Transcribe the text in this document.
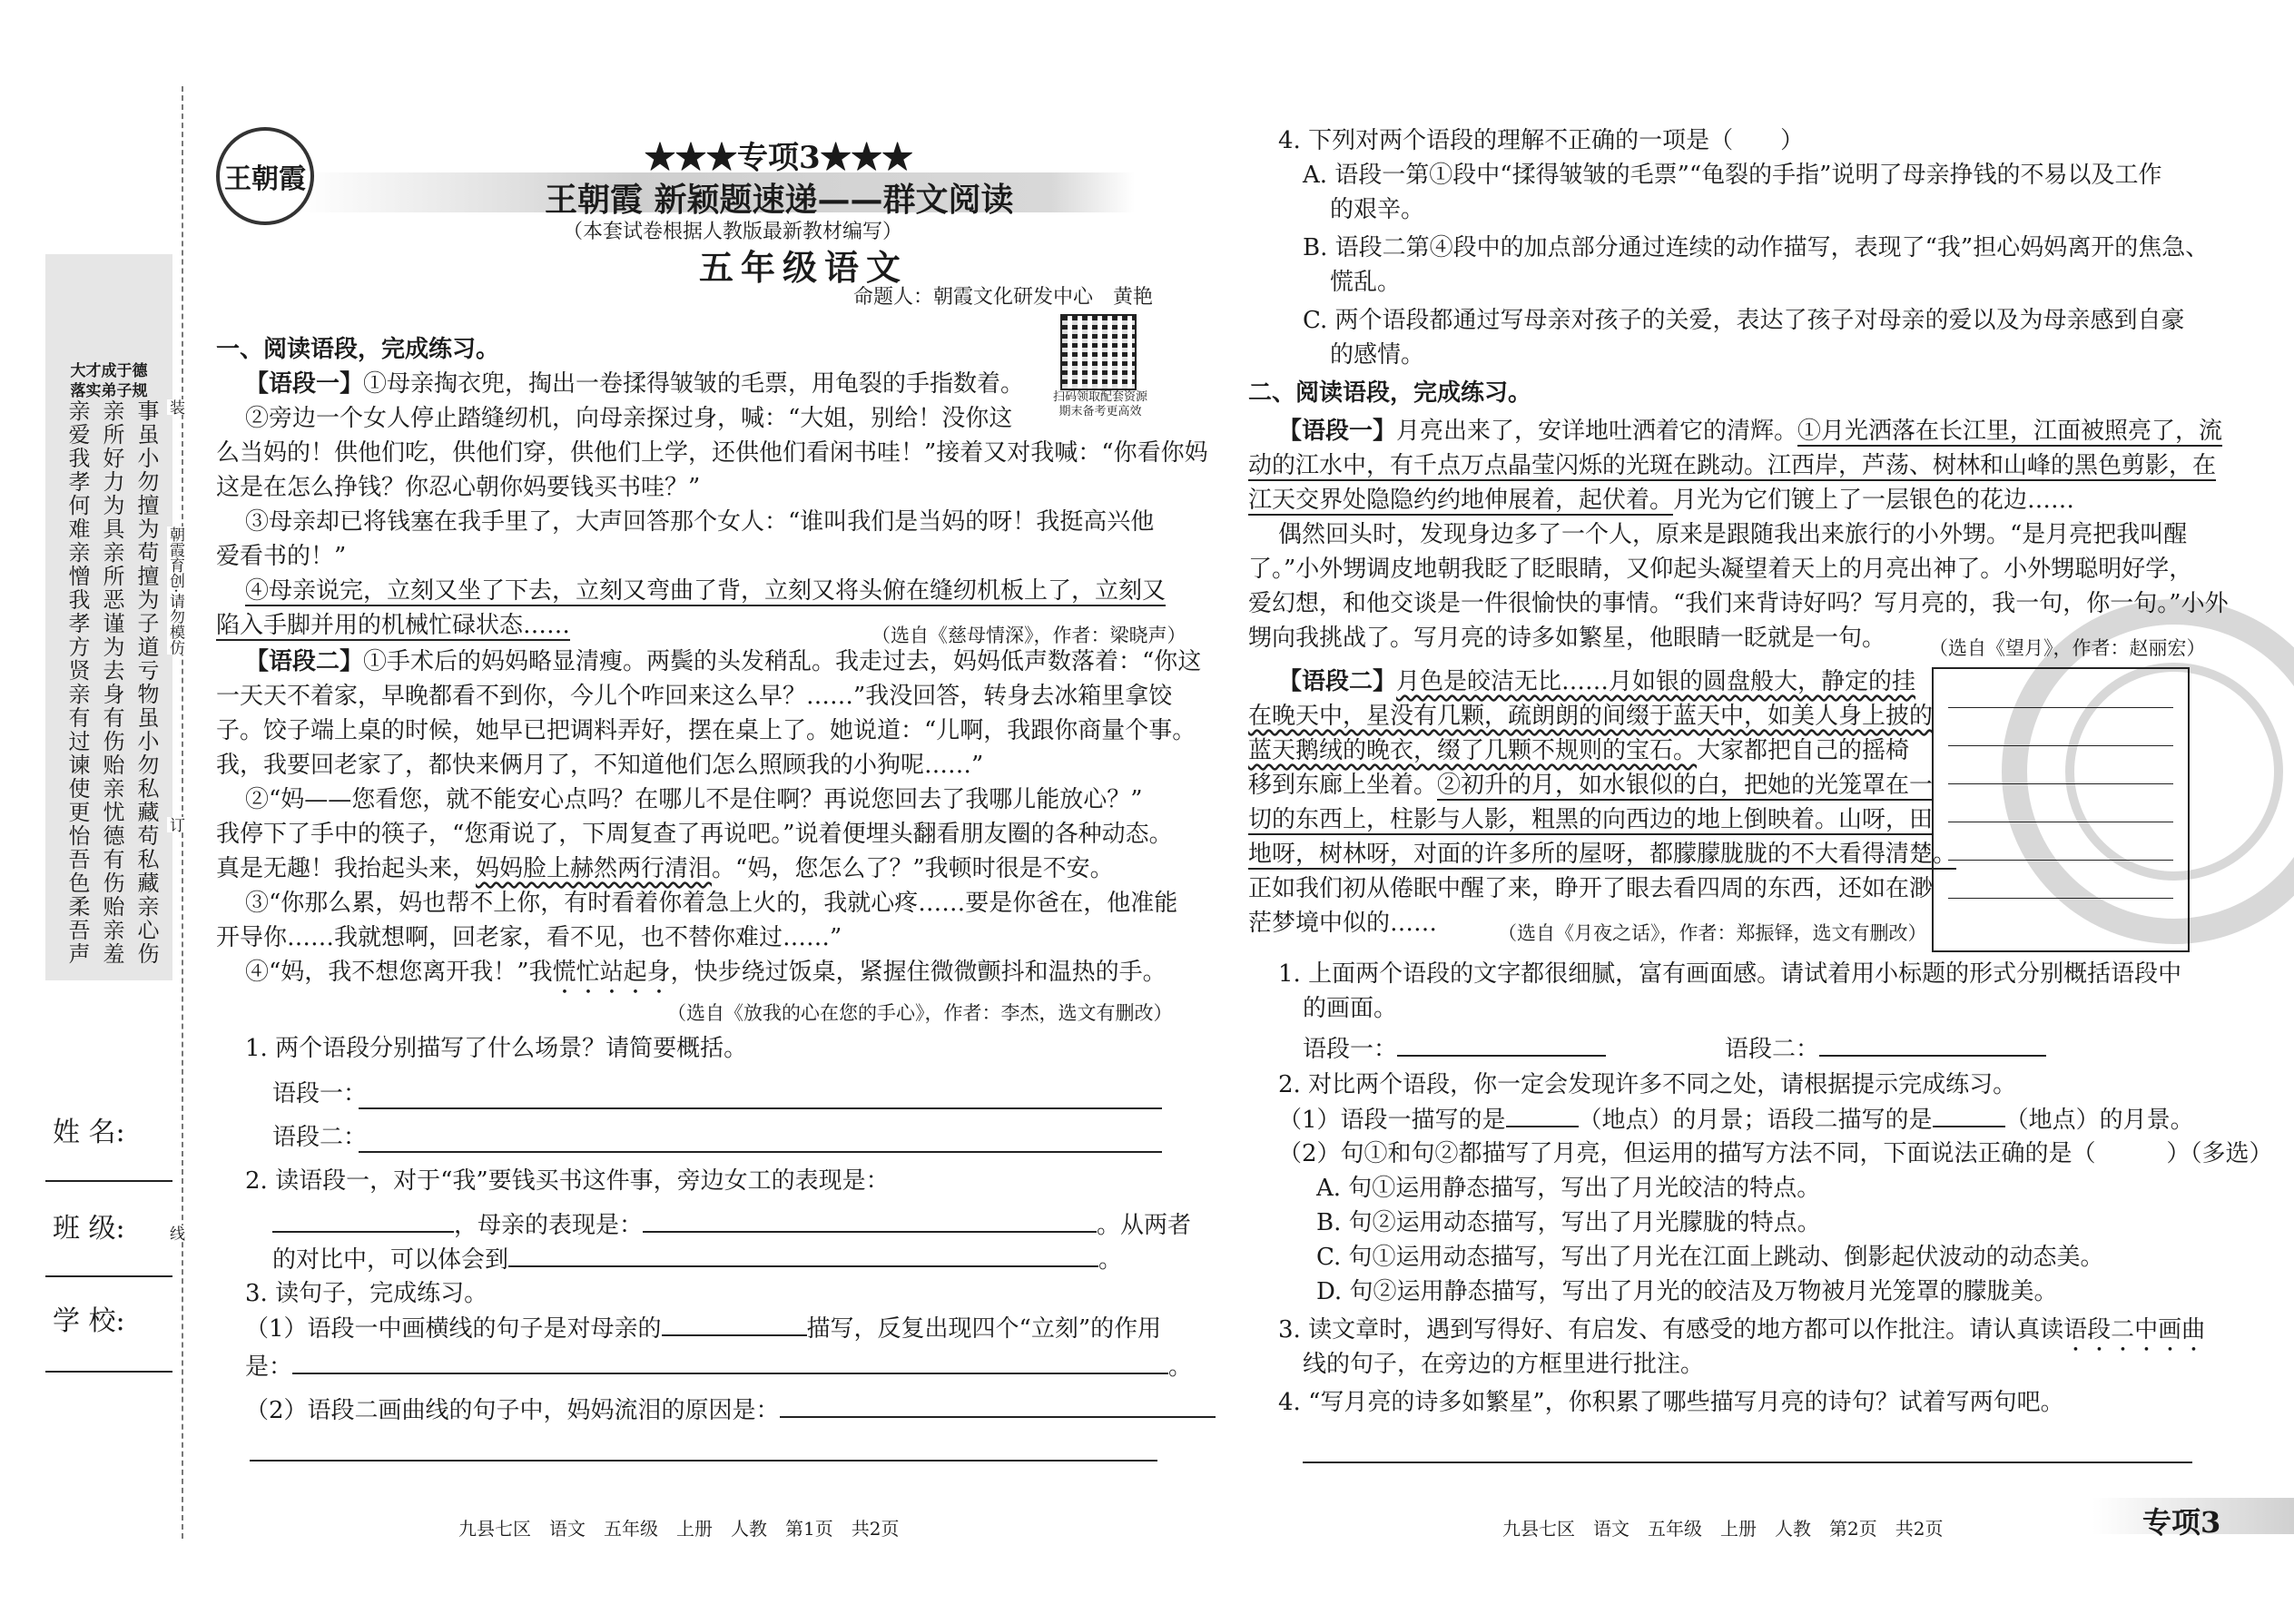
大才成于德
落实弟子规
事虽小勿擅为苟擅为子道亏物虽小勿私藏苟私藏亲心伤
亲所好力为具亲所恶谨为去身有伤贻亲忧德有伤贻亲羞
亲爱我孝何难亲憎我孝方贤亲有过谏使更怡吾色柔吾声	装
朝霞育创·请勿模仿
订
线
姓 名:
班 级:
学 校:
王朝霞
★★★专项3★★★
王朝霞 新颖题速递——群文阅读
（本套试卷根据人教版最新教材编写）
五年级语文
命题人：朝霞文化研发中心　黄艳
扫码领取配套资源 期末备考更高效
一、阅读语段，完成练习。
【语段一】①母亲掏衣兜，掏出一卷揉得皱皱的毛票，用龟裂的手指数着。
②旁边一个女人停止踏缝纫机，向母亲探过身，喊：“大姐，别给！没你这
么当妈的！供他们吃，供他们穿，供他们上学，还供他们看闲书哇！”接着又对我喊：“你看你妈
这是在怎么挣钱？你忍心朝你妈要钱买书哇？”
③母亲却已将钱塞在我手里了，大声回答那个女人：“谁叫我们是当妈的呀！我挺高兴他
爱看书的！”
④母亲说完，立刻又坐了下去，立刻又弯曲了背，立刻又将头俯在缝纫机板上了，立刻又
陷入手脚并用的机械忙碌状态……	（选自《慈母情深》，作者：梁晓声）
【语段二】①手术后的妈妈略显清瘦。两鬓的头发稍乱。我走过去，妈妈低声数落着：“你这
一天天不着家，早晚都看不到你，今儿个咋回来这么早？……”我没回答，转身去冰箱里拿饺
子。饺子端上桌的时候，她早已把调料弄好，摆在桌上了。她说道：“儿啊，我跟你商量个事。
我，我要回老家了，都快来俩月了，不知道他们怎么照顾我的小狗呢……”
②“妈——您看您，就不能安心点吗？在哪儿不是住啊？再说您回去了我哪儿能放心？”
我停下了手中的筷子，“您甭说了，下周复查了再说吧。”说着便埋头翻看朋友圈的各种动态。
真是无趣！我抬起头来，妈妈脸上赫然两行清泪。“妈，您怎么了？”我顿时很是不安。
③“你那么累，妈也帮不上你，有时看着你着急上火的，我就心疼……要是你爸在，他准能
开导你……我就想啊，回老家，看不见，也不替你难过……”
④“妈，我不想您离开我！”我慌忙站起身，快步绕过饭桌，紧握住微微颤抖和温热的手。
（选自《放我的心在您的手心》，作者：李杰，选文有删改）
1. 两个语段分别描写了什么场景？请简要概括。
语段一：
语段二：
2. 读语段一，对于“我”要钱买书这件事，旁边女工的表现是：
，母亲的表现是：	。从两者
的对比中，可以体会到	。
3. 读句子，完成练习。
（1）语段一中画横线的句子是对母亲的	描写，反复出现四个“立刻”的作用
是：	。
（2）语段二画曲线的句子中，妈妈流泪的原因是：
九县七区　语文　五年级　上册　人教　第1页　共2页
4. 下列对两个语段的理解不正确的一项是（　　）
A. 语段一第①段中“揉得皱皱的毛票”“龟裂的手指”说明了母亲挣钱的不易以及工作
的艰辛。
B. 语段二第④段中的加点部分通过连续的动作描写，表现了“我”担心妈妈离开的焦急、
慌乱。
C. 两个语段都通过写母亲对孩子的关爱，表达了孩子对母亲的爱以及为母亲感到自豪
的感情。
二、阅读语段，完成练习。
【语段一】月亮出来了，安详地吐洒着它的清辉。①月光洒落在长江里，江面被照亮了，流
动的江水中，有千点万点晶莹闪烁的光斑在跳动。江西岸，芦荡、树林和山峰的黑色剪影，在
江天交界处隐隐约约地伸展着，起伏着。月光为它们镀上了一层银色的花边……
偶然回头时，发现身边多了一个人，原来是跟随我出来旅行的小外甥。“是月亮把我叫醒
了。”小外甥调皮地朝我眨了眨眼睛，又仰起头凝望着天上的月亮出神了。小外甥聪明好学，
爱幻想，和他交谈是一件很愉快的事情。“我们来背诗好吗？写月亮的，我一句，你一句。”小外
甥向我挑战了。写月亮的诗多如繁星，他眼睛一眨就是一句。 （选自《望月》，作者：赵丽宏）
【语段二】月色是皎洁无比……月如银的圆盘般大，静定的挂
在晚天中，星没有几颗，疏朗朗的间缀于蓝天中，如美人身上披的
蓝天鹅绒的晚衣，缀了几颗不规则的宝石。大家都把自己的摇椅
移到东廊上坐着。②初升的月，如水银似的白，把她的光笼罩在一
切的东西上，柱影与人影，粗黑的向西边的地上倒映着。山呀，田
地呀，树林呀，对面的许多所的屋呀，都朦朦胧胧的不大看得清楚。
正如我们初从倦眠中醒了来，睁开了眼去看四周的东西，还如在渺
茫梦境中似的……	（选自《月夜之话》，作者：郑振铎，选文有删改）
1. 上面两个语段的文字都很细腻，富有画面感。请试着用小标题的形式分别概括语段中
的画面。
语段一：	语段二：
2. 对比两个语段，你一定会发现许多不同之处，请根据提示完成练习。
（1）语段一描写的是	（地点）的月景；语段二描写的是	（地点）的月景。
（2）句①和句②都描写了月亮，但运用的描写方法不同，下面说法正确的是（　　　）（多选）
A. 句①运用静态描写，写出了月光皎洁的特点。
B. 句②运用动态描写，写出了月光朦胧的特点。
C. 句①运用动态描写，写出了月光在江面上跳动、倒影起伏波动的动态美。
D. 句②运用静态描写，写出了月光的皎洁及万物被月光笼罩的朦胧美。
3. 读文章时，遇到写得好、有启发、有感受的地方都可以作批注。请认真读语段二中画曲
线的句子，在旁边的方框里进行批注。
4. “写月亮的诗多如繁星”，你积累了哪些描写月亮的诗句？试着写两句吧。
九县七区　语文　五年级　上册　人教　第2页　共2页	专项3
